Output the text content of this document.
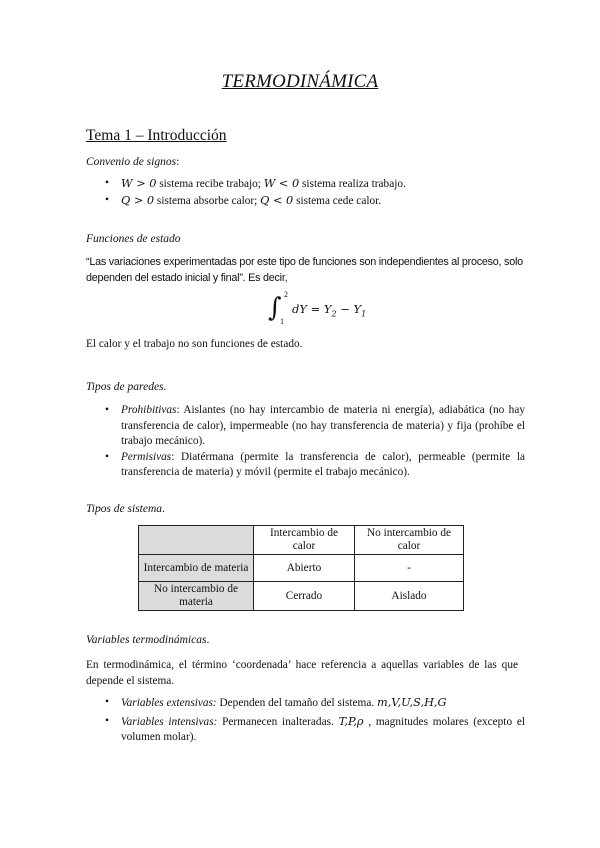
TERMODINÁMICA
Tema 1 – Introducción
Convenio de signos:
• W > 0 sistema recibe trabajo; W < 0 sistema realiza trabajo.
• Q > 0 sistema absorbe calor; Q < 0 sistema cede calor.
Funciones de estado
“Las variaciones experimentadas por este tipo de funciones son independientes al proceso, solo dependen del estado inicial y final”. Es decir,
∫ 2
1
dY = $Y_2 - Y_1$
El calor y el trabajo no son funciones de estado.
Tipos de paredes.
• Prohibitivas: Aislantes (no hay intercambio de materia ni energía), adiabática (no hay transferencia de calor), impermeable (no hay transferencia de materia) y fija (prohíbe el trabajo mecánico).
• Permisivas: Diatérmana (permite la transferencia de calor), permeable (permite la transferencia de materia) y móvil (permite el trabajo mecánico).
Tipos de sistema.
	Intercambio de calor	No intercambio de calor
Intercambio de materia	Abierto	-
No intercambio de materia	Cerrado	Aislado
Variables termodinámicas.
En termodinámica, el término ‘coordenada’ hace referencia a aquellas variables de las que depende el sistema.
• Variables extensivas: Dependen del tamaño del sistema. m,V,U,S,H,G
• Variables intensivas: Permanecen inalteradas. T,P,ρ , magnitudes molares (excepto el volumen molar).
